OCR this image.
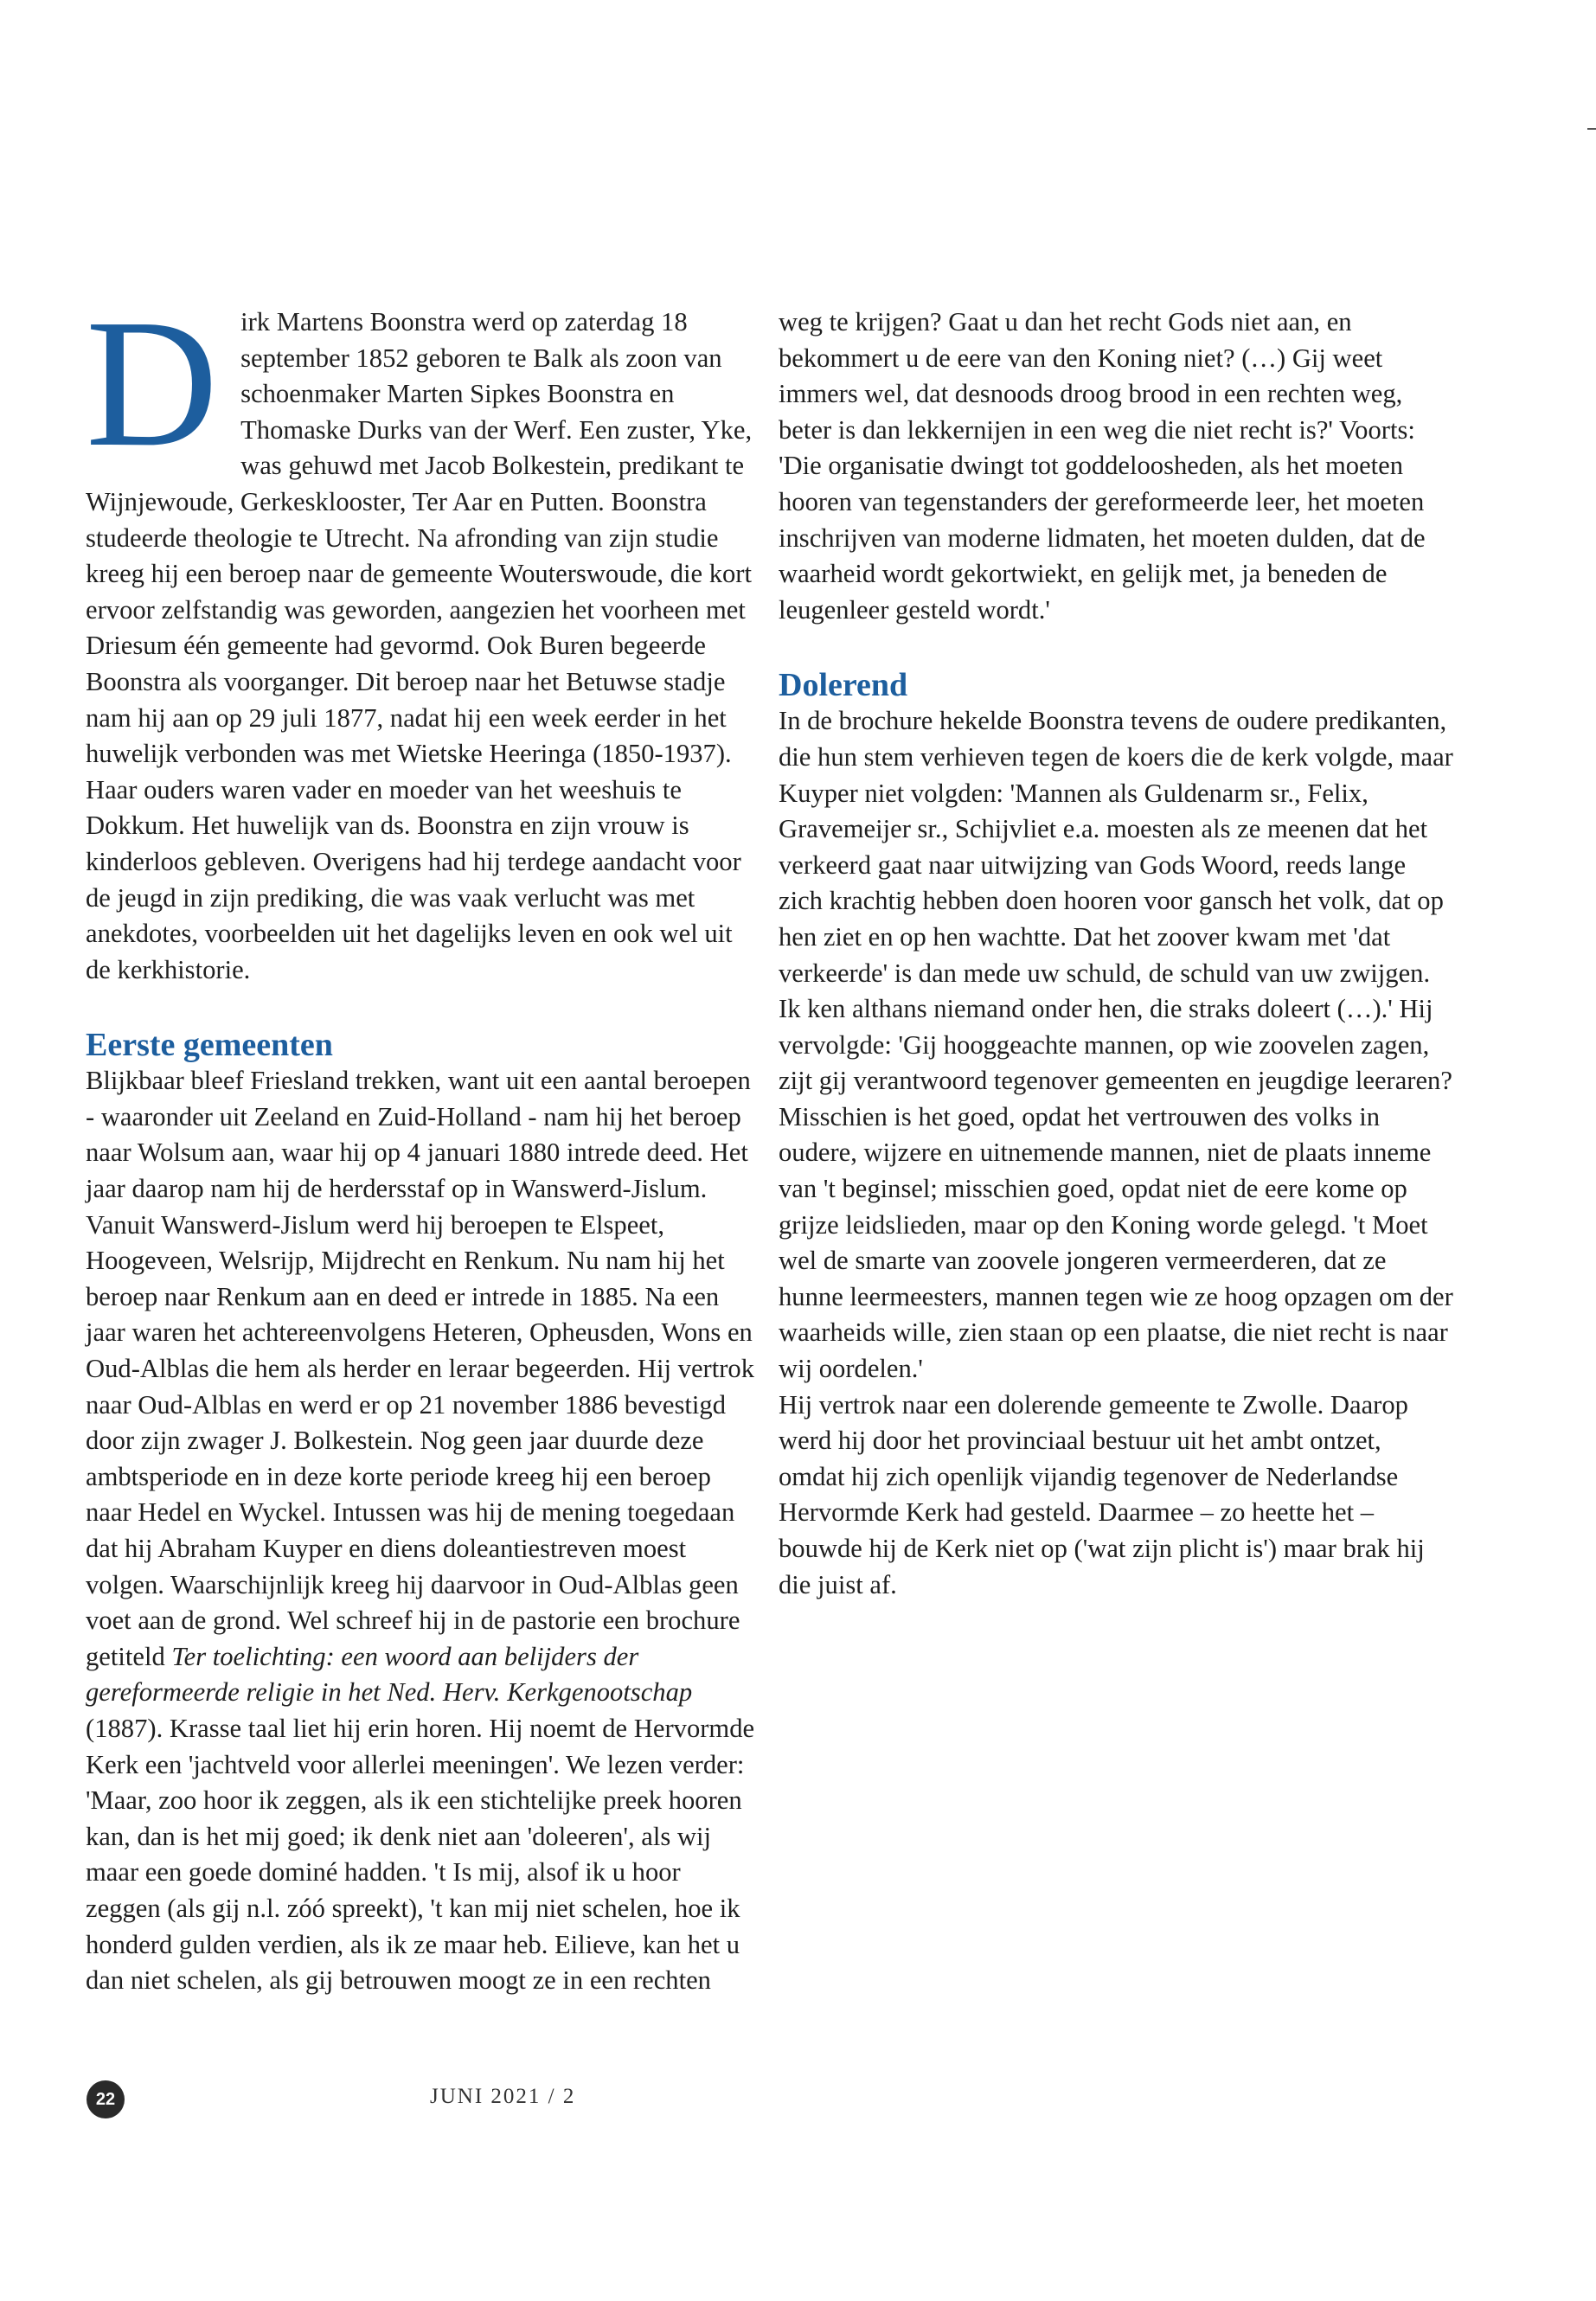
Dirk Martens Boonstra werd op zaterdag 18 september 1852 geboren te Balk als zoon van schoenmaker Marten Sipkes Boonstra en Thomaske Durks van der Werf. Een zuster, Yke, was gehuwd met Jacob Bolkestein, predikant te Wijnjewoude, Gerkesklooster, Ter Aar en Putten. Boonstra studeerde theologie te Utrecht. Na afronding van zijn studie kreeg hij een beroep naar de gemeente Wouterswoude, die kort ervoor zelfstandig was geworden, aangezien het voorheen met Driesum één gemeente had gevormd. Ook Buren begeerde Boonstra als voorganger. Dit beroep naar het Betuwse stadje nam hij aan op 29 juli 1877, nadat hij een week eerder in het huwelijk verbonden was met Wietske Heeringa (1850-1937). Haar ouders waren vader en moeder van het weeshuis te Dokkum. Het huwelijk van ds. Boonstra en zijn vrouw is kinderloos gebleven. Overigens had hij terdege aandacht voor de jeugd in zijn prediking, die was vaak verlucht was met anekdotes, voorbeelden uit het dagelijks leven en ook wel uit de kerkhistorie.

Eerste gemeenten

Blijkbaar bleef Friesland trekken, want uit een aantal beroepen - waaronder uit Zeeland en Zuid-Holland - nam hij het beroep naar Wolsum aan, waar hij op 4 januari 1880 intrede deed. Het jaar daarop nam hij de herdersstaf op in Wanswerd-Jislum. Vanuit Wanswerd-Jislum werd hij beroepen te Elspeet, Hoogeveen, Welsrijp, Mijdrecht en Renkum. Nu nam hij het beroep naar Renkum aan en deed er intrede in 1885. Na een jaar waren het achtereenvolgens Heteren, Opheusden, Wons en Oud-Alblas die hem als herder en leraar begeerden. Hij vertrok naar Oud-Alblas en werd er op 21 november 1886 bevestigd door zijn zwager J. Bolkestein. Nog geen jaar duurde deze ambtsperiode en in deze korte periode kreeg hij een beroep naar Hedel en Wyckel. Intussen was hij de mening toegedaan dat hij Abraham Kuyper en diens doleantiestreven moest volgen. Waarschijnlijk kreeg hij daarvoor in Oud-Alblas geen voet aan de grond. Wel schreef hij in de pastorie een brochure getiteld Ter toelichting: een woord aan belijders der gereformeerde religie in het Ned. Herv. Kerkgenootschap (1887). Krasse taal liet hij erin horen. Hij noemt de Hervormde Kerk een 'jachtveld voor allerlei meeningen'. We lezen verder: 'Maar, zoo hoor ik zeggen, als ik een stichtelijke preek hooren kan, dan is het mij goed; ik denk niet aan 'doleeren', als wij maar een goede dominé hadden. 't Is mij, alsof ik u hoor zeggen (als gij n.l. zóó spreekt), 't kan mij niet schelen, hoe ik honderd gulden verdien, als ik ze maar heb. Eilieve, kan het u dan niet schelen, als gij betrouwen moogt ze in een rechten

weg te krijgen? Gaat u dan het recht Gods niet aan, en bekommert u de eere van den Koning niet? (…) Gij weet immers wel, dat desnoods droog brood in een rechten weg, beter is dan lekkernijen in een weg die niet recht is?' Voorts: 'Die organisatie dwingt tot goddeloosheden, als het moeten hooren van tegenstanders der gereformeerde leer, het moeten inschrijven van moderne lidmaten, het moeten dulden, dat de waarheid wordt gekortwiekt, en gelijk met, ja beneden de leugenleer gesteld wordt.'

Dolerend

In de brochure hekelde Boonstra tevens de oudere predikanten, die hun stem verhieven tegen de koers die de kerk volgde, maar Kuyper niet volgden: 'Mannen als Guldenarm sr., Felix, Gravemeijer sr., Schijvliet e.a. moesten als ze meenen dat het verkeerd gaat naar uitwijzing van Gods Woord, reeds lange zich krachtig hebben doen hooren voor gansch het volk, dat op hen ziet en op hen wachtte. Dat het zoover kwam met 'dat verkeerde' is dan mede uw schuld, de schuld van uw zwijgen. Ik ken althans niemand onder hen, die straks doleert (…).' Hij vervolgde: 'Gij hooggeachte mannen, op wie zoovelen zagen, zijt gij verantwoord tegenover gemeenten en jeugdige leeraren? Misschien is het goed, opdat het vertrouwen des volks in oudere, wijzere en uitnemende mannen, niet de plaats inneme van 't beginsel; misschien goed, opdat niet de eere kome op grijze leidslieden, maar op den Koning worde gelegd. 't Moet wel de smarte van zoovele jongeren vermeerderen, dat ze hunne leermeesters, mannen tegen wie ze hoog opzagen om der waarheids wille, zien staan op een plaatse, die niet recht is naar wij oordelen.'

Hij vertrok naar een dolerende gemeente te Zwolle. Daarop werd hij door het provinciaal bestuur uit het ambt ontzet, omdat hij zich openlijk vijandig tegenover de Nederlandse Hervormde Kerk had gesteld. Daarmee – zo heette het – bouwde hij de Kerk niet op ('wat zijn plicht is') maar brak hij die juist af.

22	JUNI 2021 / 2
